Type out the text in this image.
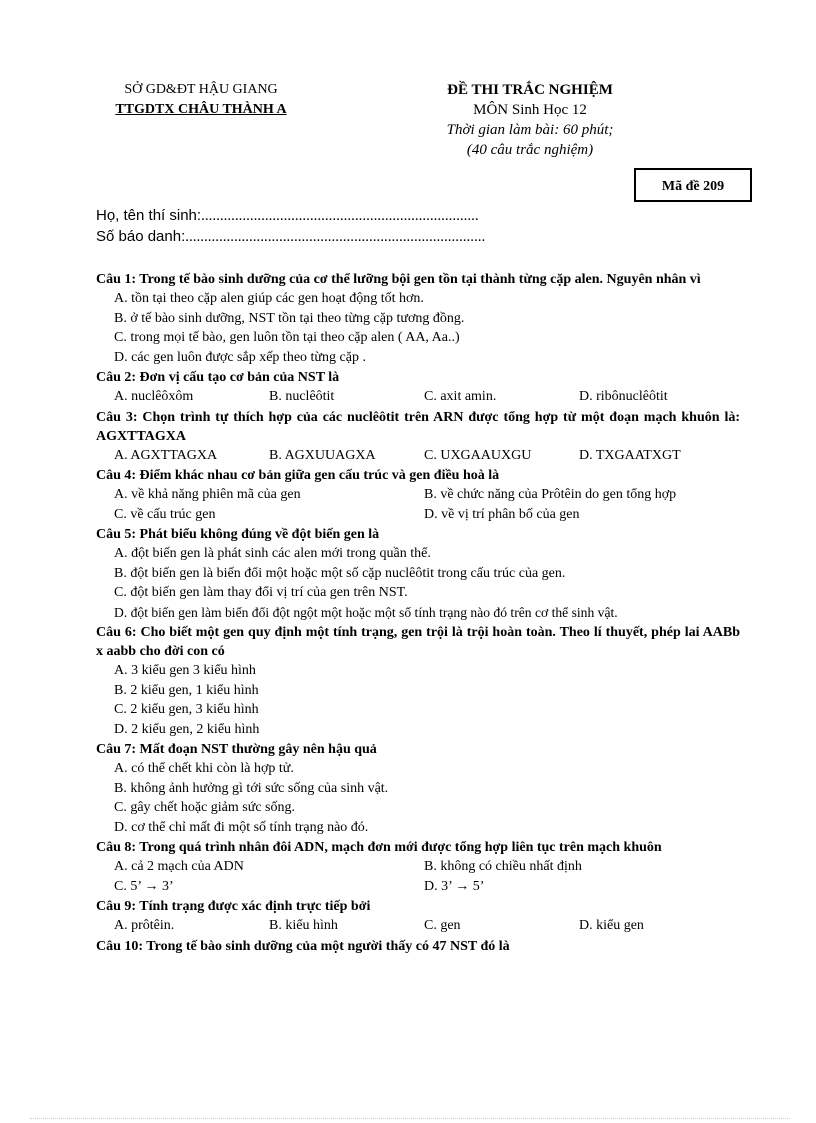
SỞ GD&ĐT HẬU GIANG
TTGDTX CHÂU THÀNH A
ĐỀ THI TRẮC NGHIỆM
MÔN Sinh Học 12
Thời gian làm bài: 60 phút;
(40 câu trắc nghiệm)
Mã đề 209
Họ, tên thí sinh:..........................................................................
Số báo danh:................................................................................
Câu 1: Trong tế bào sinh dưỡng của cơ thể lưỡng bội gen tồn tại thành từng cặp alen. Nguyên nhân vì
A. tồn tại theo cặp alen giúp các gen hoạt động tốt hơn.
B. ở tế bào sinh dưỡng, NST tồn tại theo từng cặp tương đồng.
C. trong mọi tế bào, gen luôn tồn tại theo cặp alen ( AA, Aa..)
D. các gen luôn được sắp xếp theo từng cặp .
Câu 2: Đơn vị cấu tạo cơ bản của NST là
A. nuclêôxôm	B. nuclêôtit	C. axit amin.	D. ribônuclêôtit
Câu 3: Chọn trình tự thích hợp của các nuclêôtit trên ARN được tổng hợp từ một đoạn mạch khuôn là: AGXTTAGXA
A. AGXTTAGXA	B. AGXUUAGXA	C. UXGAAUXGU	D. TXGAATXGT
Câu 4: Điểm khác nhau cơ bản giữa gen cấu trúc và gen điều hoà là
A. về khả năng phiên mã của gen	B. về chức năng của Prôtêin do gen tổng hợp
C. về cấu trúc gen	D. về vị trí phân bố của gen
Câu 5: Phát biểu không đúng về đột biến gen là
A. đột biến gen là phát sinh các alen mới trong quần thể.
B. đột biến gen là biến đổi một hoặc một số cặp nuclêôtit trong cấu trúc của gen.
C. đột biến gen làm thay đổi vị trí của gen trên NST.
D. đột biến gen làm biến đổi đột ngột một hoặc một số tính trạng nào đó trên cơ thể sinh vật.
Câu 6: Cho biết một gen quy định một tính trạng, gen trội là trội hoàn toàn. Theo lí thuyết, phép lai AABb x aabb cho đời con có
A. 3 kiểu gen 3 kiểu hình
B. 2 kiểu gen, 1 kiểu hình
C. 2 kiểu gen, 3 kiểu hình
D. 2 kiểu gen, 2 kiểu hình
Câu 7: Mất đoạn NST thường gây nên hậu quả
A. có thể chết khi còn là hợp tử.
B. không ảnh hưởng gì tới sức sống của sinh vật.
C. gây chết hoặc giảm sức sống.
D. cơ thể chỉ mất đi một số tính trạng nào đó.
Câu 8: Trong quá trình nhân đôi ADN, mạch đơn mới được tổng hợp liên tục trên mạch khuôn
A. cả 2 mạch của ADN	B. không có chiều nhất định
C. 5’ → 3’	D. 3’ → 5’
Câu 9: Tính trạng được xác định trực tiếp bởi
A. prôtêin.	B. kiểu hình	C. gen	D. kiểu gen
Câu 10: Trong tế bào sinh dưỡng của một người thấy có 47 NST đó là
